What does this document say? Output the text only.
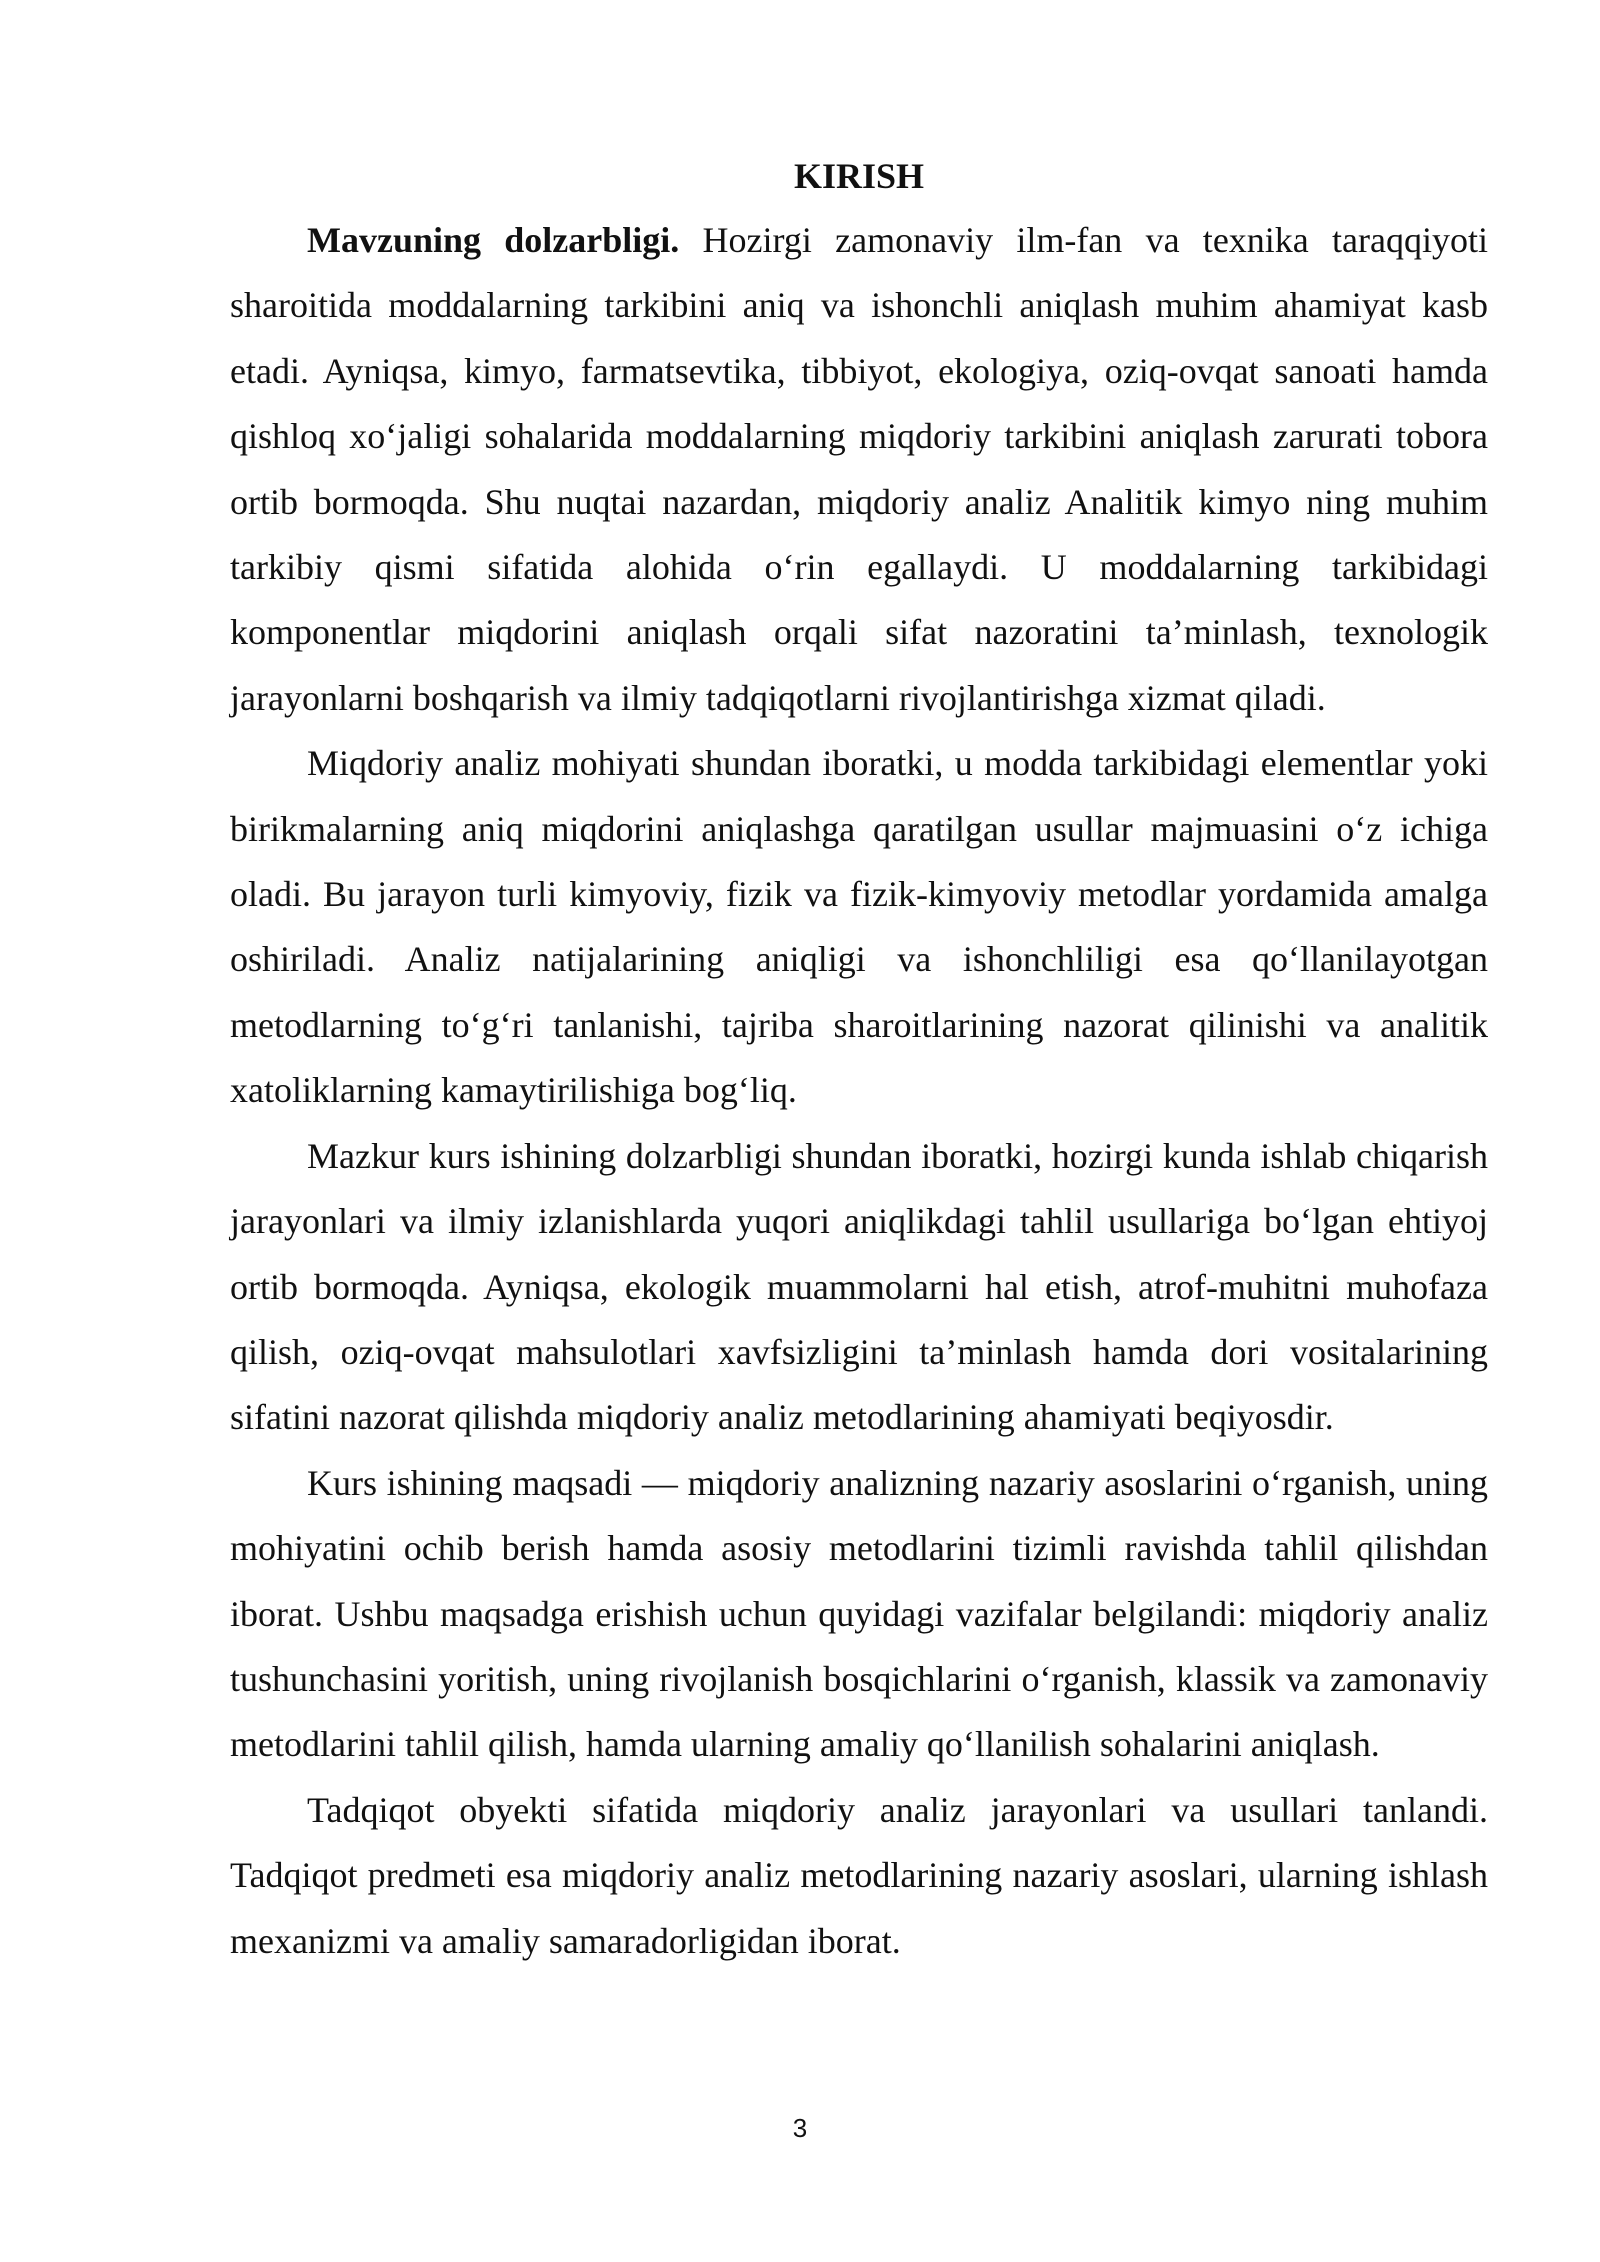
KIRISH

Mavzuning dolzarbligi. Hozirgi zamonaviy ilm-fan va texnika taraqqiyoti sharoitida moddalarning tarkibini aniq va ishonchli aniqlash muhim ahamiyat kasb etadi. Ayniqsa, kimyo, farmatsevtika, tibbiyot, ekologiya, oziq-ovqat sanoati hamda qishloq xo‘jaligi sohalarida moddalarning miqdoriy tarkibini aniqlash zarurati tobora ortib bormoqda. Shu nuqtai nazardan, miqdoriy analiz Analitik kimyo ning muhim tarkibiy qismi sifatida alohida o‘rin egallaydi. U moddalarning tarkibidagi komponentlar miqdorini aniqlash orqali sifat nazoratini ta’minlash, texnologik jarayonlarni boshqarish va ilmiy tadqiqotlarni rivojlantirishga xizmat qiladi.

Miqdoriy analiz mohiyati shundan iboratki, u modda tarkibidagi elementlar yoki birikmalarning aniq miqdorini aniqlashga qaratilgan usullar majmuasini o‘z ichiga oladi. Bu jarayon turli kimyoviy, fizik va fizik-kimyoviy metodlar yordamida amalga oshiriladi. Analiz natijalarining aniqligi va ishonchliligi esa qo‘llanilayotgan metodlarning to‘g‘ri tanlanishi, tajriba sharoitlarining nazorat qilinishi va analitik xatoliklarning kamaytirilishiga bog‘liq.

Mazkur kurs ishining dolzarbligi shundan iboratki, hozirgi kunda ishlab chiqarish jarayonlari va ilmiy izlanishlarda yuqori aniqlikdagi tahlil usullariga bo‘lgan ehtiyoj ortib bormoqda. Ayniqsa, ekologik muammolarni hal etish, atrof-muhitni muhofaza qilish, oziq-ovqat mahsulotlari xavfsizligini ta’minlash hamda dori vositalarining sifatini nazorat qilishda miqdoriy analiz metodlarining ahamiyati beqiyosdir.

Kurs ishining maqsadi — miqdoriy analizning nazariy asoslarini o‘rganish, uning mohiyatini ochib berish hamda asosiy metodlarini tizimli ravishda tahlil qilishdan iborat. Ushbu maqsadga erishish uchun quyidagi vazifalar belgilandi: miqdoriy analiz tushunchasini yoritish, uning rivojlanish bosqichlarini o‘rganish, klassik va zamonaviy metodlarini tahlil qilish, hamda ularning amaliy qo‘llanilish sohalarini aniqlash.

Tadqiqot obyekti sifatida miqdoriy analiz jarayonlari va usullari tanlandi. Tadqiqot predmeti esa miqdoriy analiz metodlarining nazariy asoslari, ularning ishlash mexanizmi va amaliy samaradorligidan iborat.

3
